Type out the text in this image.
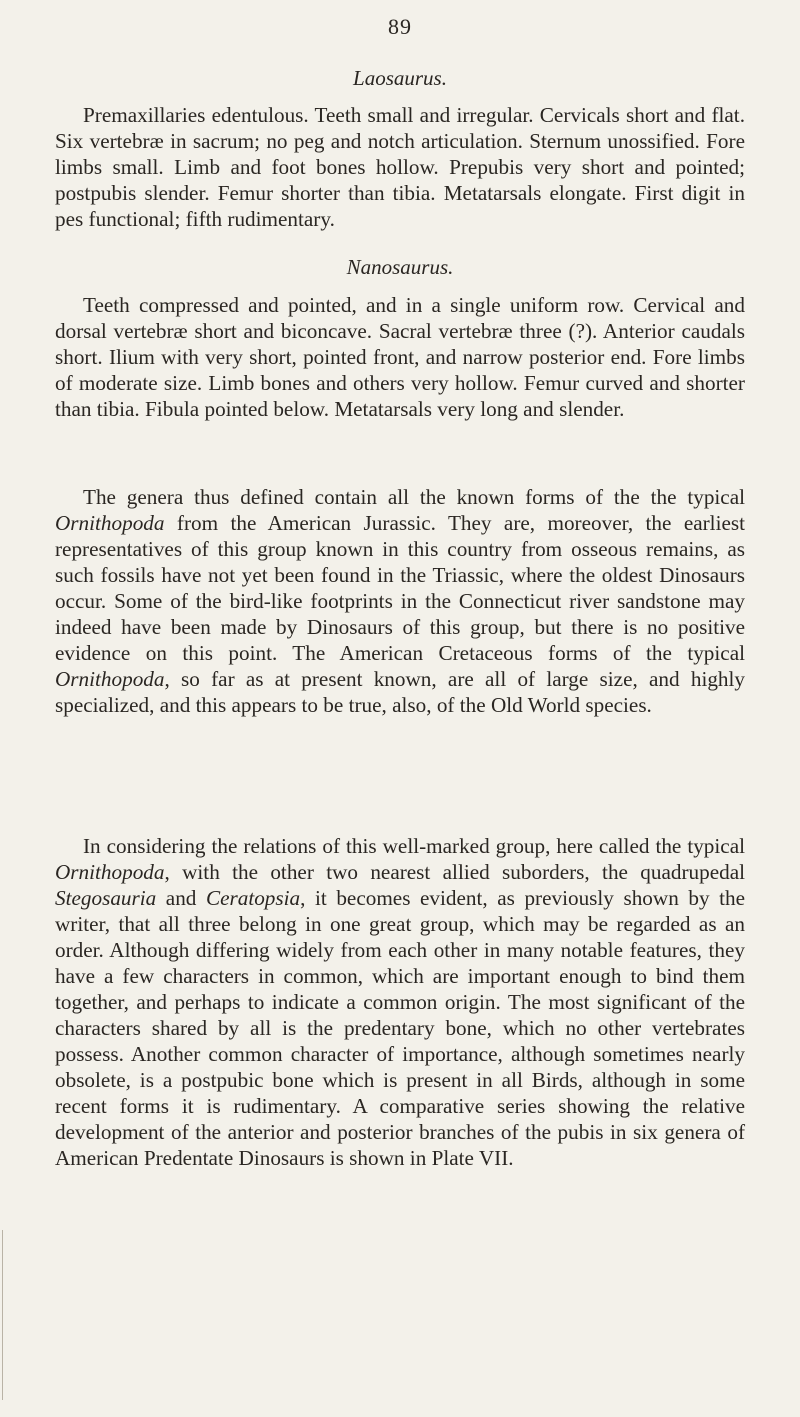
89
Laosaurus.

Premaxillaries edentulous. Teeth small and irregular. Cervicals short and flat. Six vertebræ in sacrum; no peg and notch articulation. Sternum unossified. Fore limbs small. Limb and foot bones hollow. Prepubis very short and pointed; postpubis slender. Femur shorter than tibia. Metatarsals elongate. First digit in pes functional; fifth rudimentary.

Nanosaurus.

Teeth compressed and pointed, and in a single uniform row. Cervical and dorsal vertebræ short and biconcave. Sacral vertebræ three (?). Anterior caudals short. Ilium with very short, pointed front, and narrow posterior end. Fore limbs of moderate size. Limb bones and others very hollow. Femur curved and shorter than tibia. Fibula pointed below. Metatarsals very long and slender.

The genera thus defined contain all the known forms of the the typical Ornithopoda from the American Jurassic. They are, moreover, the earliest representatives of this group known in this country from osseous remains, as such fossils have not yet been found in the Triassic, where the oldest Dinosaurs occur. Some of the bird-like footprints in the Connecticut river sandstone may indeed have been made by Dinosaurs of this group, but there is no positive evidence on this point. The American Cretaceous forms of the typical Ornithopoda, so far as at present known, are all of large size, and highly specialized, and this appears to be true, also, of the Old World species.

In considering the relations of this well-marked group, here called the typical Ornithopoda, with the other two nearest allied suborders, the quadrupedal Stegosauria and Ceratopsia, it becomes evident, as previously shown by the writer, that all three belong in one great group, which may be regarded as an order. Although differing widely from each other in many notable features, they have a few characters in common, which are important enough to bind them together, and perhaps to indicate a common origin. The most significant of the characters shared by all is the predentary bone, which no other vertebrates possess. Another common character of importance, although sometimes nearly obsolete, is a postpubic bone which is present in all Birds, although in some recent forms it is rudimentary. A comparative series showing the relative development of the anterior and posterior branches of the pubis in six genera of American Predentate Dinosaurs is shown in Plate VII.
